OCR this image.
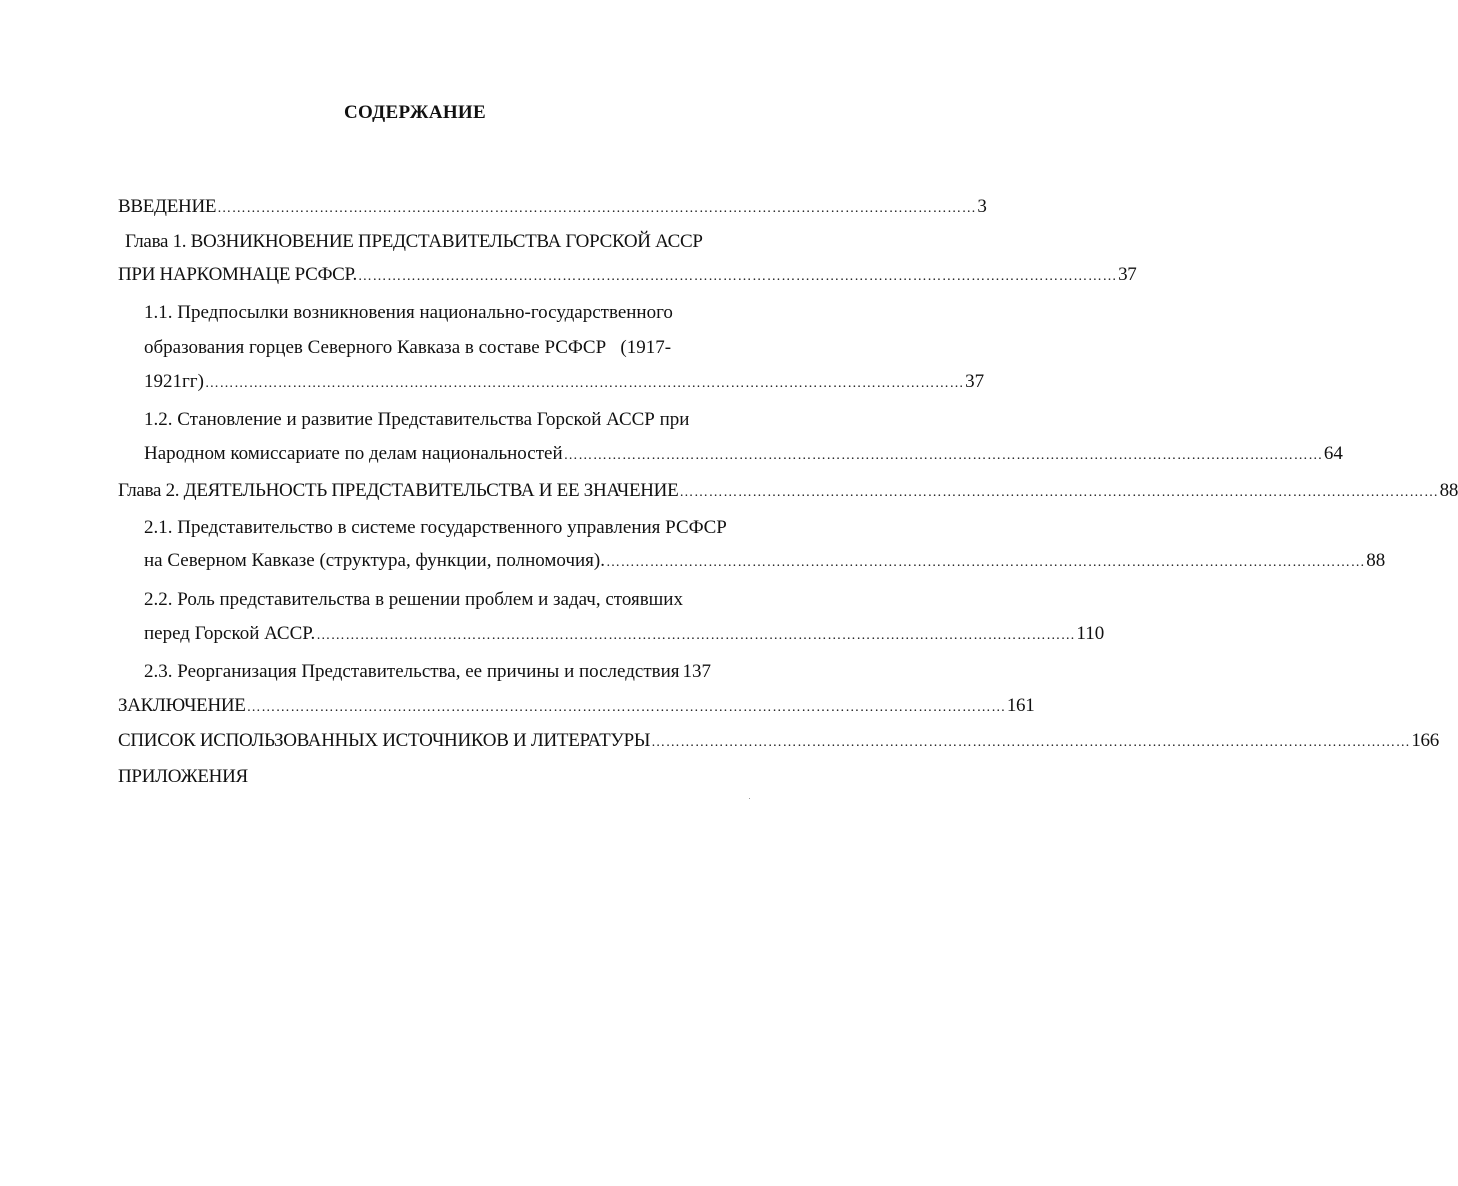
СОДЕРЖАНИЕ
ВВЕДЕНИЕ ………………………………………………………………………………………………………………………………………… 3
Глава 1. ВОЗНИКНОВЕНИЕ ПРЕДСТАВИТЕЛЬСТВА ГОРСКОЙ АССР
ПРИ НАРКОМНАЦЕ РСФСР. ………………………………………………………………………………………………………………………………………… 37
1.1. Предпосылки возникновения национально-государственного
образования горцев Северного Кавказа в составе РСФСР   (1917-
1921гг) ………………………………………………………………………………………………………………………………………… 37
1.2. Становление и развитие Представительства Горской АССР при
Народном комиссариате по делам национальностей ………………………………………………………………………………………………………………………………………… 64
Глава 2. ДЕЯТЕЛЬНОСТЬ ПРЕДСТАВИТЕЛЬСТВА И ЕЕ ЗНАЧЕНИЕ ………………………………………………………………………………………………………………………………………… 88
2.1. Представительство в системе государственного управления РСФСР
на Северном Кавказе (структура, функции, полномочия). ………………………………………………………………………………………………………………………………………… 88
2.2. Роль представительства в решении проблем и задач, стоявших
перед Горской АССР. ………………………………………………………………………………………………………………………………………… 110
2.3. Реорганизация Представительства, ее причины и последствия 137
ЗАКЛЮЧЕНИЕ ………………………………………………………………………………………………………………………………………… 161
СПИСОК ИСПОЛЬЗОВАННЫХ ИСТОЧНИКОВ И ЛИТЕРАТУРЫ ………………………………………………………………………………………………………………………………………… 166
ПРИЛОЖЕНИЯ
